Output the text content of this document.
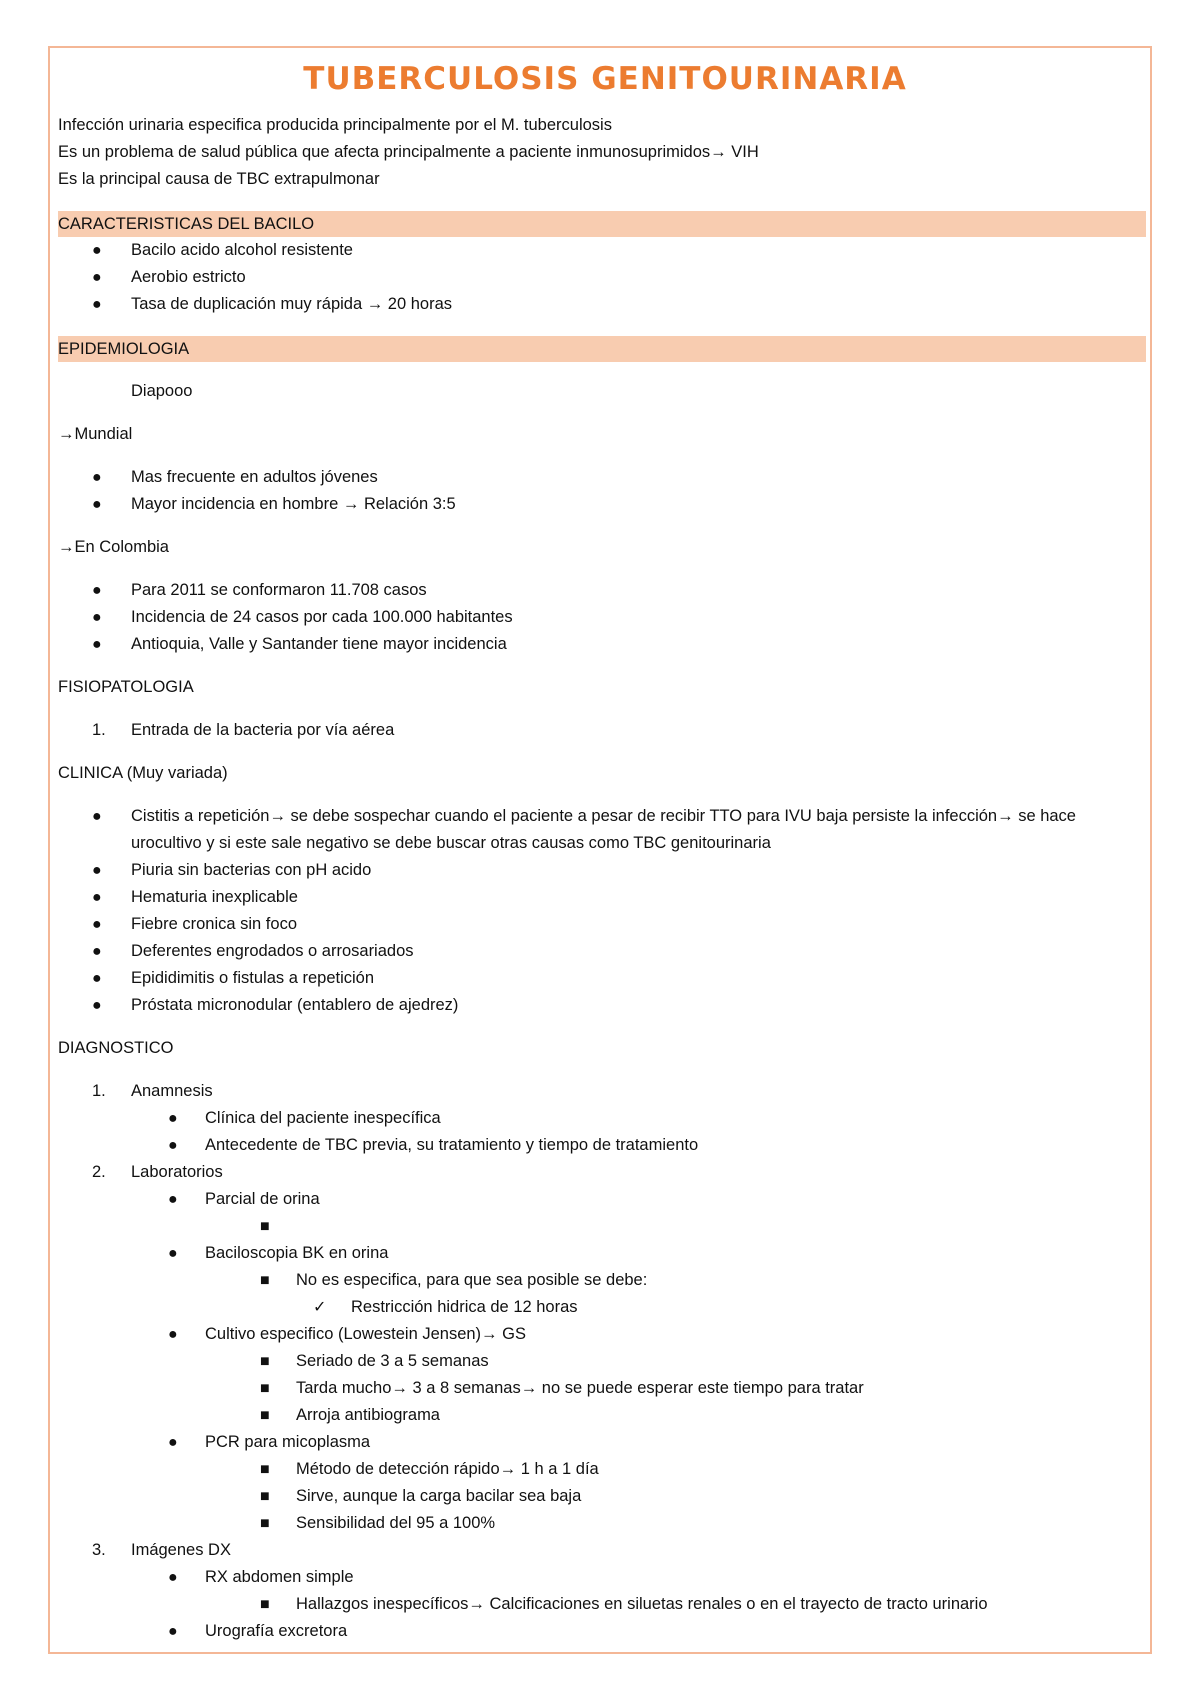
TUBERCULOSIS GENITOURINARIA
Infección urinaria especifica producida principalmente por el M. tuberculosis
Es un problema de salud pública que afecta principalmente a paciente inmunosuprimidos→ VIH
Es la principal causa de TBC extrapulmonar
CARACTERISTICAS DEL BACILO
● Bacilo acido alcohol resistente
● Aerobio estricto
● Tasa de duplicación muy rápida → 20 horas
EPIDEMIOLOGIA
Diapooo
→Mundial
● Mas frecuente en adultos jóvenes
● Mayor incidencia en hombre → Relación 3:5
→En Colombia
● Para 2011 se conformaron 11.708 casos
● Incidencia de 24 casos por cada 100.000 habitantes
● Antioquia, Valle y Santander tiene mayor incidencia
FISIOPATOLOGIA
1. Entrada de la bacteria por vía aérea
CLINICA (Muy variada)
● Cistitis a repetición→ se debe sospechar cuando el paciente a pesar de recibir TTO para IVU baja persiste la infección→ se hace urocultivo y si este sale negativo se debe buscar otras causas como TBC genitourinaria
● Piuria sin bacterias con pH acido
● Hematuria inexplicable
● Fiebre cronica sin foco
● Deferentes engrodados o arrosariados
● Epididimitis o fistulas a repetición
● Próstata micronodular (entablero de ajedrez)
DIAGNOSTICO
1. Anamnesis
● Clínica del paciente inespecífica
● Antecedente de TBC previa, su tratamiento y tiempo de tratamiento
2. Laboratorios
● Parcial de orina
■

● Baciloscopia BK en orina
■ No es especifica, para que sea posible se debe:
✓ Restricción hidrica de 12 horas
● Cultivo especifico (Lowestein Jensen)→ GS
■ Seriado de 3 a 5 semanas
■ Tarda mucho→ 3 a 8 semanas→ no se puede esperar este tiempo para tratar
■ Arroja antibiograma
● PCR para micoplasma
■ Método de detección rápido→ 1 h a 1 día
■ Sirve, aunque la carga bacilar sea baja
■ Sensibilidad del 95 a 100%
3. Imágenes DX
● RX abdomen simple
■ Hallazgos inespecíficos→ Calcificaciones en siluetas renales o en el trayecto de tracto urinario
● Urografía excretora
